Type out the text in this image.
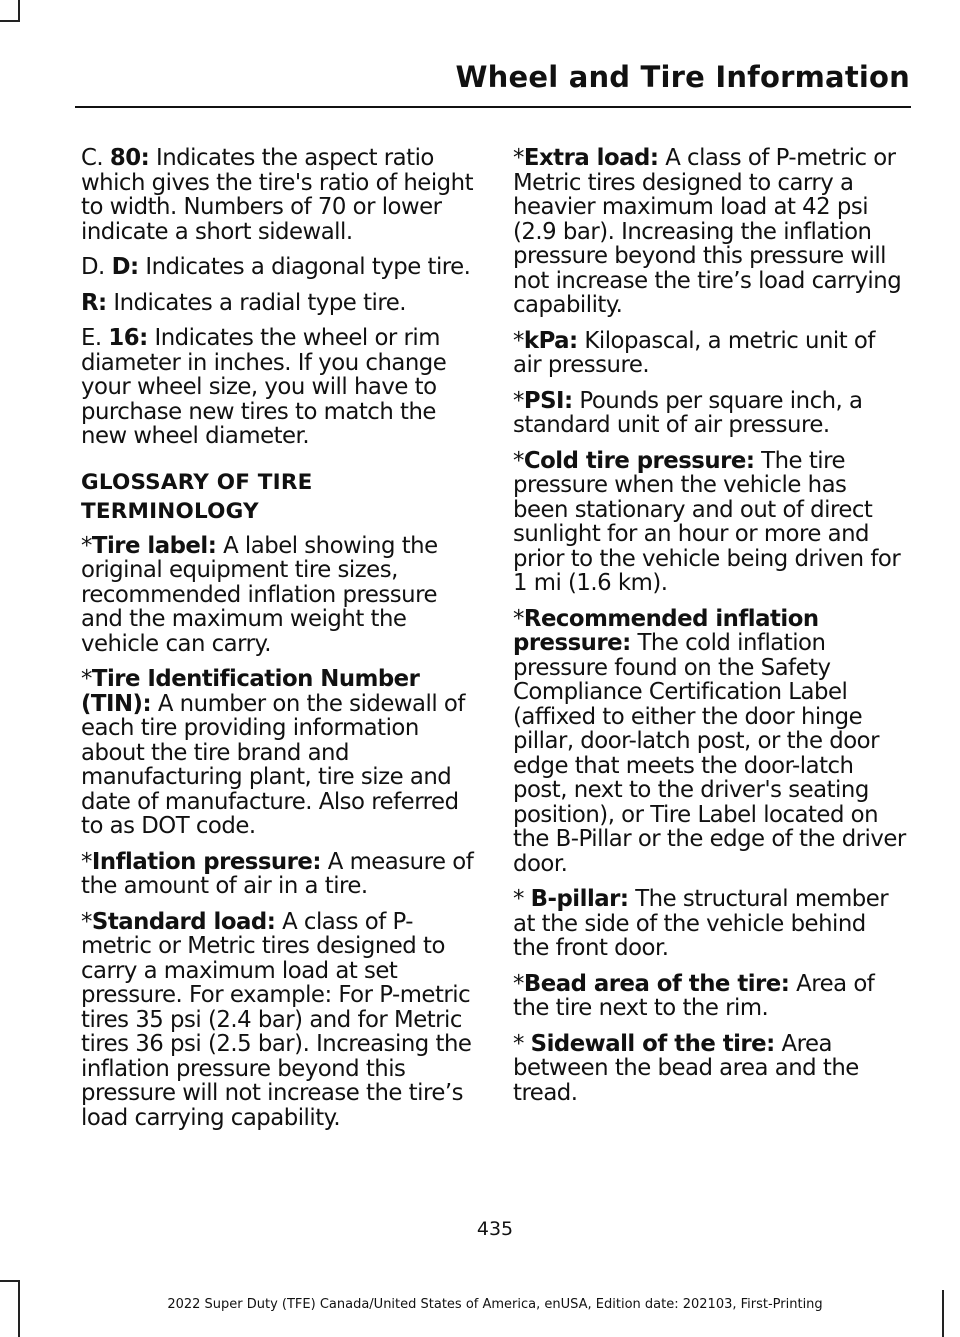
Wheel and Tire Information

C. 80: Indicates the aspect ratio which gives the tire's ratio of height to width. Numbers of 70 or lower indicate a short sidewall.

D. D: Indicates a diagonal type tire.

R: Indicates a radial type tire.

E. 16: Indicates the wheel or rim diameter in inches. If you change your wheel size, you will have to purchase new tires to match the new wheel diameter.

GLOSSARY OF TIRE
TERMINOLOGY

*Tire label: A label showing the original equipment tire sizes, recommended inflation pressure and the maximum weight the vehicle can carry.

*Tire Identification Number (TIN): A number on the sidewall of each tire providing information about the tire brand and manufacturing plant, tire size and date of manufacture. Also referred to as DOT code.

*Inflation pressure: A measure of the amount of air in a tire.

*Standard load: A class of P-metric or Metric tires designed to carry a maximum load at set pressure. For example: For P-metric tires 35 psi (2.4 bar) and for Metric tires 36 psi (2.5 bar). Increasing the inflation pressure beyond this pressure will not increase the tire’s load carrying capability.

*Extra load: A class of P-metric or Metric tires designed to carry a heavier maximum load at 42 psi (2.9 bar). Increasing the inflation pressure beyond this pressure will not increase the tire’s load carrying capability.

*kPa: Kilopascal, a metric unit of air pressure.

*PSI: Pounds per square inch, a standard unit of air pressure.

*Cold tire pressure: The tire pressure when the vehicle has been stationary and out of direct sunlight for an hour or more and prior to the vehicle being driven for 1 mi (1.6 km).

*Recommended inflation pressure: The cold inflation pressure found on the Safety Compliance Certification Label (affixed to either the door hinge pillar, door-latch post, or the door edge that meets the door-latch post, next to the driver's seating position), or Tire Label located on the B-Pillar or the edge of the driver door.

* B-pillar: The structural member at the side of the vehicle behind the front door.

*Bead area of the tire: Area of the tire next to the rim.

* Sidewall of the tire: Area between the bead area and the tread.

435
2022 Super Duty (TFE) Canada/United States of America, enUSA, Edition date: 202103, First-Printing
